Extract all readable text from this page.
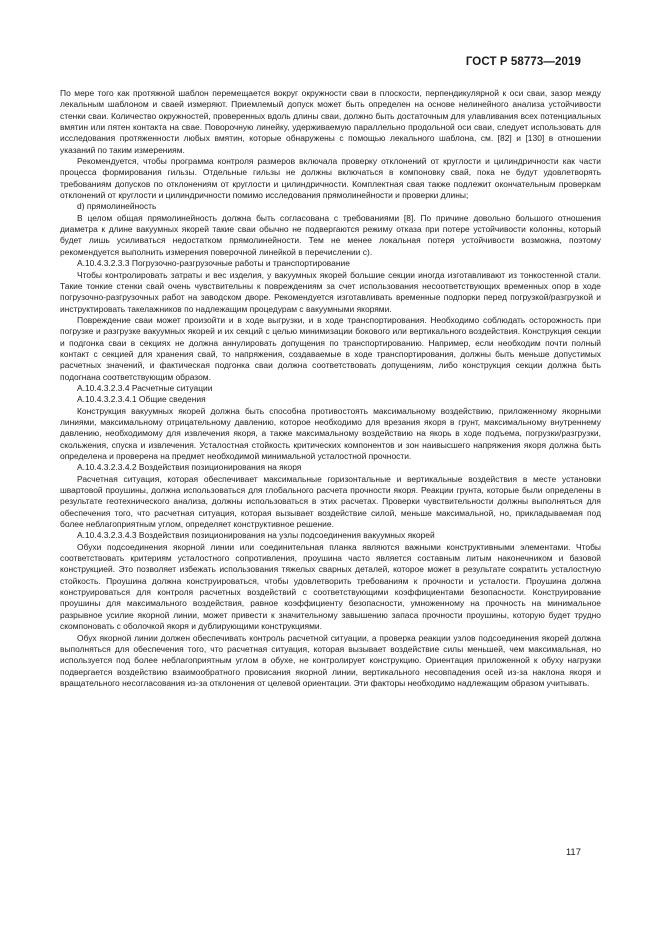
ГОСТ Р 58773—2019

По мере того как протяжной шаблон перемещается вокруг окружности сваи в плоскости, перпендикулярной к оси сваи, зазор между лекальным шаблоном и сваей измеряют. Приемлемый допуск может быть определен на основе нелинейного анализа устойчивости стенки сваи. Количество окружностей, проверенных вдоль длины сваи, должно быть достаточным для улавливания всех потенциальных вмятин или пятен контакта на сваe. Поворочную линейку, удерживаемую параллельно продольной оси сваи, следует использовать для исследования протяженности любых вмятин, которые обнаружены с помощью лекального шаблона, см. [82] и [130] в отношении указаний по таким измерениям.

Рекомендуется, чтобы программа контроля размеров включала проверку отклонений от круглости и цилиндричности как части процесса формирования гильзы. Отдельные гильзы не должны включаться в компоновку свай, пока не будут удовлетворять требованиям допусков по отклонениям от круглости и цилиндричности. Комплектная свая также подлежит окончательным проверкам отклонений от круглости и цилиндричности помимо исследования прямолинейности и проверки длины;

d) прямолинейность

В целом общая прямолинейность должна быть согласована с требованиями [8]. По причине довольно большого отношения диаметра к длине вакуумных якорей такие сваи обычно не подвергаются режиму отказа при потере устойчивости колонны, который будет лишь усиливаться недостатком прямолинейности. Тем не менее локальная потеря устойчивости возможна, поэтому рекомендуется выполнить измерения поверочной линейкой в перечислении c).

А.10.4.3.2.3.3 Погрузочно-разгрузочные работы и транспортирование

Чтобы контролировать затраты и вес изделия, у вакуумных якорей большие секции иногда изготавливают из тонкостенной стали. Такие тонкие стенки свай очень чувствительны к повреждениям за счет использования несоответствующих временных опор в ходе погрузочно-разгрузочных работ на заводском дворе. Рекомендуется изготавливать временные подпорки перед погрузкой/разгрузкой и инструктировать такелажников по надлежащим процедурам с вакуумными якорями.

Повреждение сваи может произойти и в ходе выгрузки, и в ходе транспортирования. Необходимо соблюдать осторожность при погрузке и разгрузке вакуумных якорей и их секций с целью минимизации бокового или вертикального воздействия. Конструкция секции и подгонка сваи в секциях не должна аннулировать допущения по транспортированию. Например, если необходим почти полный контакт с секцией для хранения свай, то напряжения, создаваемые в ходе транспортирования, должны быть меньше допустимых расчетных значений, и фактическая подгонка сваи должна соответствовать допущениям, либо конструкция секции должна быть подогнана соответствующим образом.

А.10.4.3.2.3.4 Расчетные ситуации

А.10.4.3.2.3.4.1 Общие сведения

Конструкция вакуумных якорей должна быть способна противостоять максимальному воздействию, приложенному якорными линиями, максимальному отрицательному давлению, которое необходимо для врезания якоря в грунт, максимальному внутреннему давлению, необходимому для извлечения якоря, а также максимальному воздействию на якорь в ходе подъема, погрузки/разгрузки, скольжения, спуска и извлечения. Усталостная стойкость критических компонентов и зон наивысшего напряжения якоря должна быть определена и проверена на предмет необходимой минимальной усталостной прочности.

А.10.4.3.2.3.4.2 Воздействия позиционирования на якоря

Расчетная ситуация, которая обеспечивает максимальные горизонтальные и вертикальные воздействия в месте установки швартовой проушины, должна использоваться для глобального расчета прочности якоря. Реакции грунта, которые были определены в результате геотехнического анализа, должны использоваться в этих расчетах. Проверки чувствительности должны выполняться для обеспечения того, что расчетная ситуация, которая вызывает воздействие силой, меньше максимальной, но, прикладываемая под более неблагоприятным углом, определяет конструктивное решение.

А.10.4.3.2.3.4.3 Воздействия позиционирования на узлы подсоединения вакуумных якорей

Обухи подсоединения якорной линии или соединительная планка являются важными конструктивными элементами. Чтобы соответствовать критериям усталостного сопротивления, проушина часто является составным литым наконечником и базовой конструкцией. Это позволяет избежать использования тяжелых сварных деталей, которое может в результате сократить усталостную стойкость. Проушина должна конструироваться, чтобы удовлетворить требованиям к прочности и усталости. Проушина должна конструироваться для контроля расчетных воздействий с соответствующими коэффициентами безопасности. Конструирование проушины для максимального воздействия, равное коэффициенту безопасности, умноженному на прочность на минимальное разрывное усилие якорной линии, может привести к значительному завышению запаса прочности проушины, которую будет трудно скомпоновать с оболочкой якоря и дублирующими конструкциями.

Обух якорной линии должен обеспечивать контроль расчетной ситуации, а проверка реакции узлов подсоединения якорей должна выполняться для обеспечения того, что расчетная ситуация, которая вызывает воздействие силы меньшей, чем максимальная, но используется под более неблагоприятным углом в обухе, не контролирует конструкцию. Ориентация приложенной к обуху нагрузки подвергается воздействию взаимообратного провисания якорной линии, вертикального несовпадения осей из-за наклона якоря и вращательного несогласования из-за отклонения от целевой ориентации. Эти факторы необходимо надлежащим образом учитывать.

117
